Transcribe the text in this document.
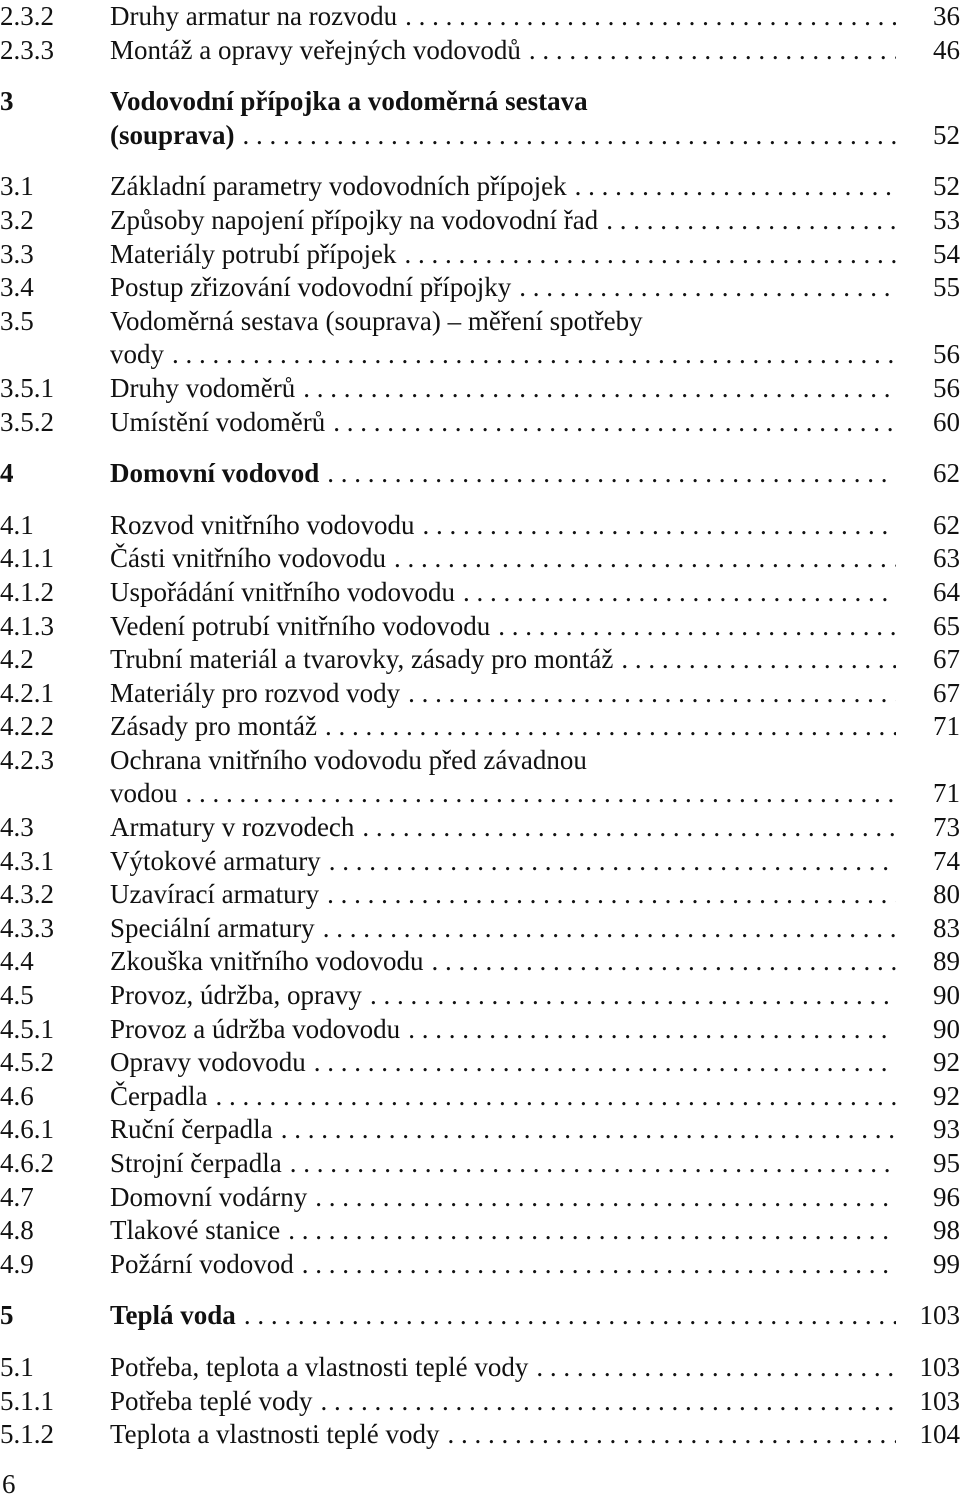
2.3.2	Druhy armatur na rozvodu . . .	36
2.3.3	Montáž a opravy veřejných vodovodů . . .	46
3	Vodovodní přípojka a vodoměrná sestava
(souprava) . . .	52
3.1	Základní parametry vodovodních přípojek . . .	52
3.2	Způsoby napojení přípojky na vodovodní řad . . .	53
3.3	Materiály potrubí přípojek . . .	54
3.4	Postup zřizování vodovodní přípojky . . .	55
3.5	Vodoměrná sestava (souprava) – měření spotřeby
vody . . .	56
3.5.1	Druhy vodoměrů . . .	56
3.5.2	Umístění vodoměrů . . .	60
4	Domovní vodovod . . .	62
4.1	Rozvod vnitřního vodovodu . . .	62
4.1.1	Části vnitřního vodovodu . . .	63
4.1.2	Uspořádání vnitřního vodovodu . . .	64
4.1.3	Vedení potrubí vnitřního vodovodu . . .	65
4.2	Trubní materiál a tvarovky, zásady pro montáž . . .	67
4.2.1	Materiály pro rozvod vody . . .	67
4.2.2	Zásady pro montáž . . .	71
4.2.3	Ochrana vnitřního vodovodu před závadnou
vodou . . .	71
4.3	Armatury v rozvodech . . .	73
4.3.1	Výtokové armatury . . .	74
4.3.2	Uzavírací armatury . . .	80
4.3.3	Speciální armatury . . .	83
4.4	Zkouška vnitřního vodovodu . . .	89
4.5	Provoz, údržba, opravy . . .	90
4.5.1	Provoz a údržba vodovodu . . .	90
4.5.2	Opravy vodovodu . . .	92
4.6	Čerpadla . . .	92
4.6.1	Ruční čerpadla . . .	93
4.6.2	Strojní čerpadla . . .	95
4.7	Domovní vodárny . . .	96
4.8	Tlakové stanice . . .	98
4.9	Požární vodovod . . .	99
5	Teplá voda . . .	103
5.1	Potřeba, teplota a vlastnosti teplé vody . . .	103
5.1.1	Potřeba teplé vody . . .	103
5.1.2	Teplota a vlastnosti teplé vody . . .	104
6
